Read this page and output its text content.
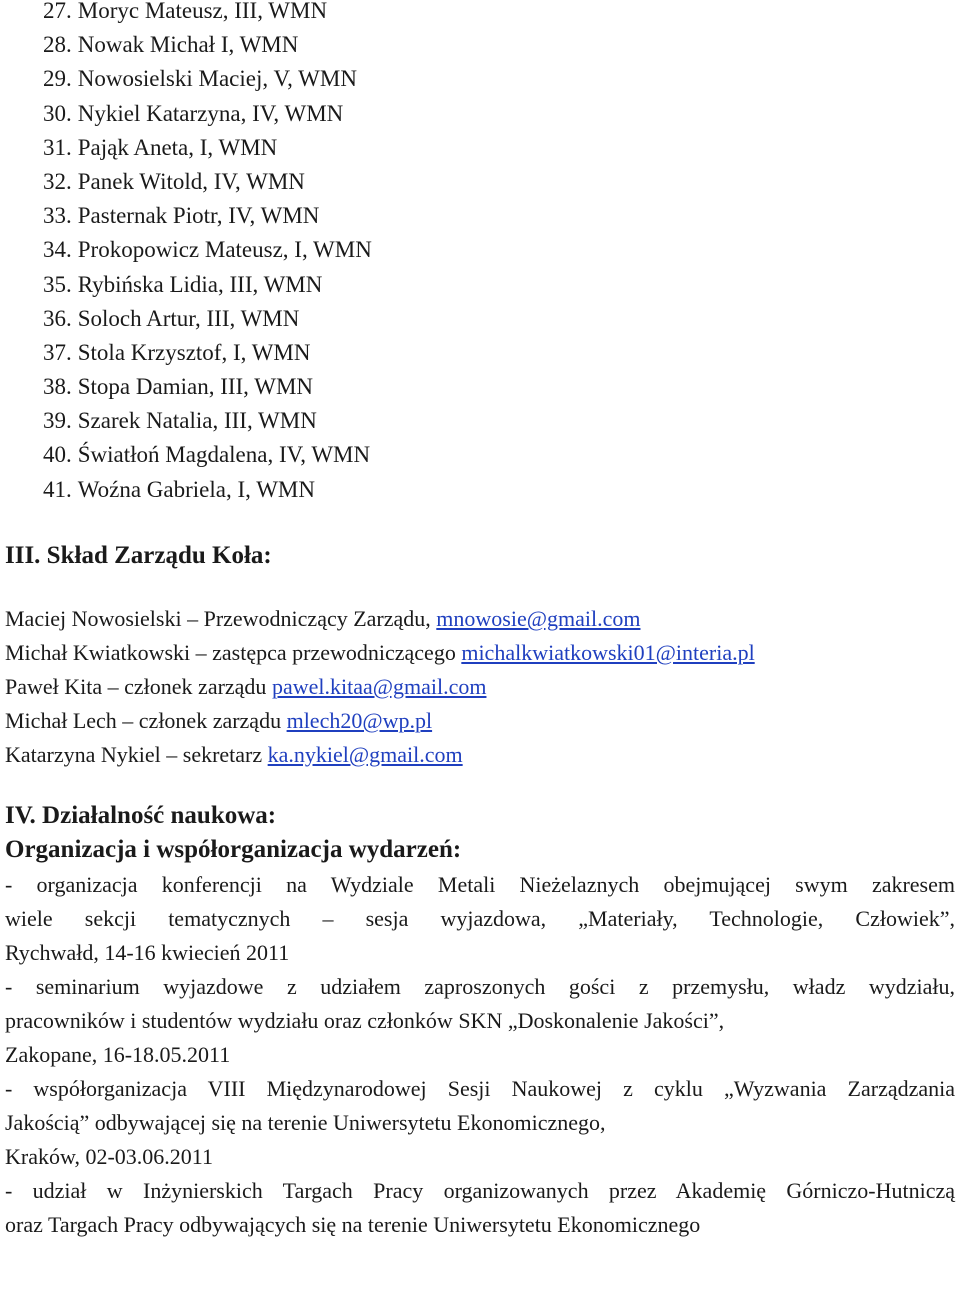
27. Moryc Mateusz, III, WMN
28. Nowak Michał I, WMN
29. Nowosielski Maciej, V, WMN
30. Nykiel Katarzyna, IV, WMN
31. Pająk Aneta, I, WMN
32. Panek Witold, IV, WMN
33. Pasternak Piotr, IV, WMN
34. Prokopowicz Mateusz, I, WMN
35. Rybińska Lidia, III, WMN
36. Soloch Artur, III, WMN
37. Stola Krzysztof, I, WMN
38. Stopa Damian, III, WMN
39. Szarek Natalia, III, WMN
40. Światłoń Magdalena, IV, WMN
41. Woźna Gabriela, I, WMN
III. Skład Zarządu Koła:
Maciej Nowosielski – Przewodniczący Zarządu, mnowosie@gmail.com
Michał Kwiatkowski – zastępca przewodniczącego michalkwiatkowski01@interia.pl
Paweł Kita – członek zarządu pawel.kitaa@gmail.com
Michał Lech – członek zarządu mlech20@wp.pl
Katarzyna Nykiel – sekretarz ka.nykiel@gmail.com
IV. Działalność naukowa:
Organizacja i współorganizacja wydarzeń:

- organizacja konferencji na Wydziale Metali Nieżelaznych obejmującej swym zakresem
wiele sekcji tematycznych – sesja wyjazdowa, „Materiały, Technologie, Człowiek”,
Rychwałd, 14-16 kwiecień 2011

- seminarium wyjazdowe z udziałem zaproszonych gości z przemysłu, władz wydziału,
pracowników i studentów wydziału oraz członków SKN „Doskonalenie Jakości”,
Zakopane, 16-18.05.2011

- współorganizacja VIII Międzynarodowej Sesji Naukowej z cyklu „Wyzwania Zarządzania
Jakością” odbywającej się na terenie Uniwersytetu Ekonomicznego,
Kraków, 02-03.06.2011

- udział w Inżynierskich Targach Pracy organizowanych przez Akademię Górniczo-Hutniczą
oraz Targach Pracy odbywających się na terenie Uniwersytetu Ekonomicznego
